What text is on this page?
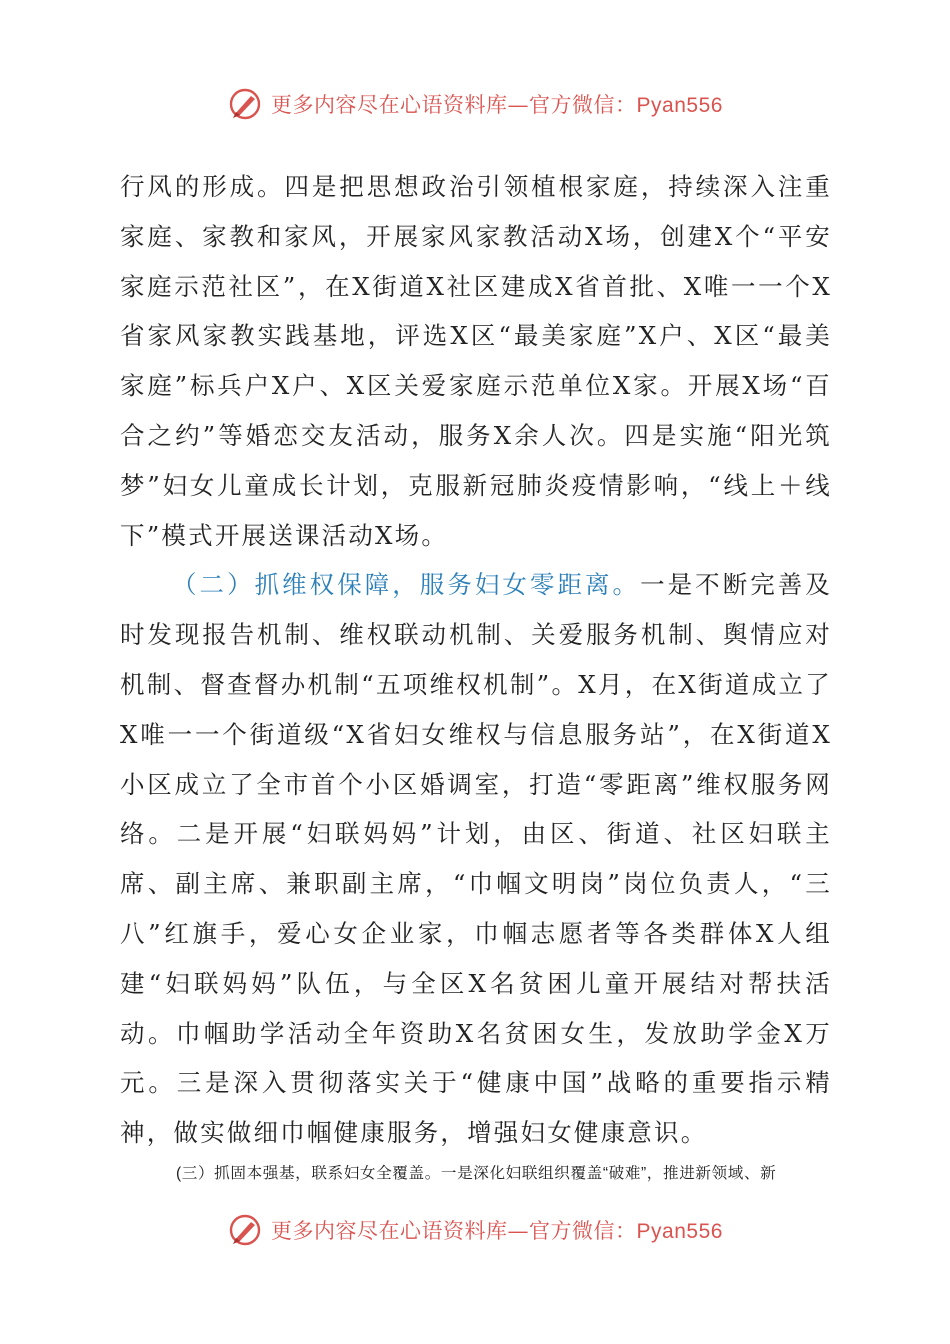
更多内容尽在心语资料库—官方微信：Pyan556

行风的形成。四是把思想政治引领植根家庭，持续深入注重家庭、家教和家风，开展家风家教活动X场，创建X个“平安家庭示范社区”，在X街道X社区建成X省首批、X唯一一个X省家风家教实践基地，评选X区“最美家庭”X户、X区“最美家庭”标兵户X户、X区关爱家庭示范单位X家。开展X场“百合之约”等婚恋交友活动，服务X余人次。四是实施“阳光筑梦”妇女儿童成长计划，克服新冠肺炎疫情影响，“线上＋线下”模式开展送课活动X场。

（二）抓维权保障，服务妇女零距离。一是不断完善及时发现报告机制、维权联动机制、关爱服务机制、舆情应对机制、督查督办机制“五项维权机制”。X月，在X街道成立了X唯一一个街道级“X省妇女维权与信息服务站”，在X街道X小区成立了全市首个小区婚调室，打造“零距离”维权服务网络。二是开展“妇联妈妈”计划，由区、街道、社区妇联主席、副主席、兼职副主席，“巾帼文明岗”岗位负责人，“三八”红旗手，爱心女企业家，巾帼志愿者等各类群体X人组建“妇联妈妈”队伍，与全区X名贫困儿童开展结对帮扶活动。巾帼助学活动全年资助X名贫困女生，发放助学金X万元。三是深入贯彻落实关于“健康中国”战略的重要指示精神，做实做细巾帼健康服务，增强妇女健康意识。

(三）抓固本强基，联系妇女全覆盖。一是深化妇联组织覆盖“破难”，推进新领域、新

更多内容尽在心语资料库—官方微信：Pyan556
